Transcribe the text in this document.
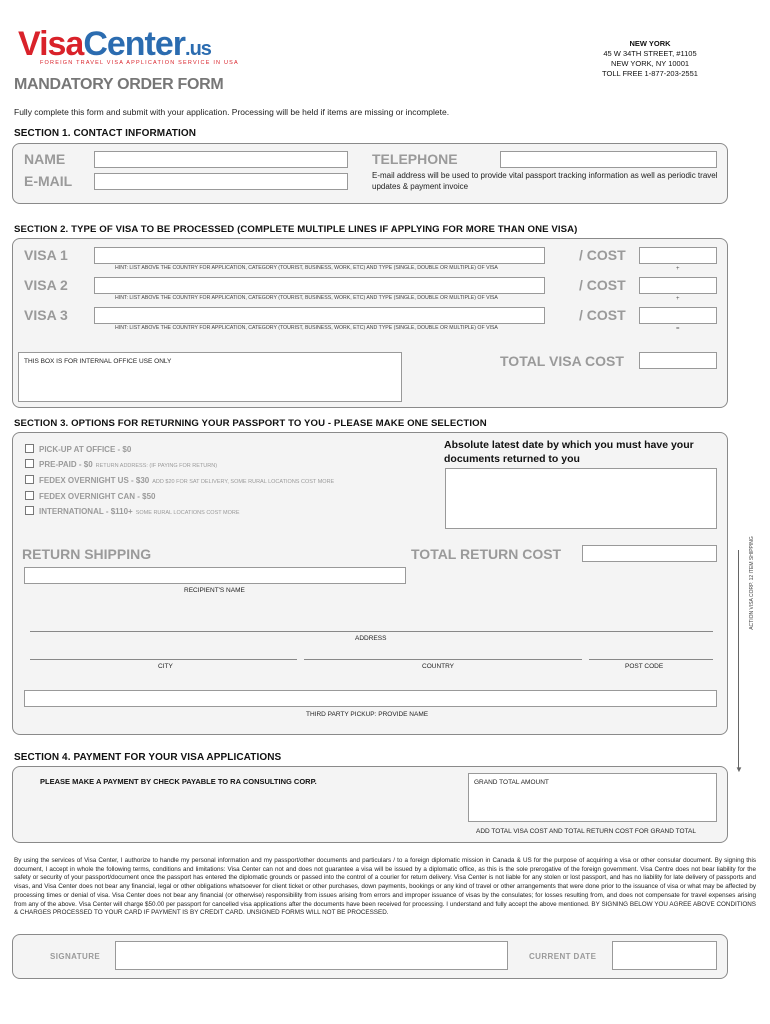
VisaCenter.us
FOREIGN TRAVEL VISA APPLICATION SERVICE IN USA
NEW YORK
45 W 34TH STREET, #1105
NEW YORK, NY 10001
TOLL FREE 1-877-203-2551
MANDATORY ORDER FORM
Fully complete this form and submit with your application. Processing will be held if items are missing or incomplete.
SECTION 1. CONTACT INFORMATION
NAME
E-MAIL
TELEPHONE
E-mail address will be used to provide vital passport tracking information as well as periodic travel updates & payment invoice
SECTION 2. TYPE OF VISA TO BE PROCESSED (COMPLETE MULTIPLE LINES IF APPLYING FOR MORE THAN ONE VISA)
VISA 1	/ COST
HINT: LIST ABOVE THE COUNTRY FOR APPLICATION, CATEGORY (TOURIST, BUSINESS, WORK, ETC) AND TYPE (SINGLE, DOUBLE OR MULTIPLE) OF VISA	+
VISA 2	/ COST
HINT: LIST ABOVE THE COUNTRY FOR APPLICATION, CATEGORY (TOURIST, BUSINESS, WORK, ETC) AND TYPE (SINGLE, DOUBLE OR MULTIPLE) OF VISA	+
VISA 3	/ COST
HINT: LIST ABOVE THE COUNTRY FOR APPLICATION, CATEGORY (TOURIST, BUSINESS, WORK, ETC) AND TYPE (SINGLE, DOUBLE OR MULTIPLE) OF VISA	=
THIS BOX IS FOR INTERNAL OFFICE USE ONLY	TOTAL VISA COST
SECTION 3. OPTIONS FOR RETURNING YOUR PASSPORT TO YOU - PLEASE MAKE ONE SELECTION
PICK-UP AT OFFICE - $0
PRE-PAID - $0 RETURN ADDRESS: (IF PAYING FOR RETURN)
FEDEX OVERNIGHT US - $30 ADD $20 FOR SAT DELIVERY, SOME RURAL LOCATIONS COST MORE
FEDEX OVERNIGHT CAN - $50
INTERNATIONAL - $110+ SOME RURAL LOCATIONS COST MORE
Absolute latest date by which you must have your documents returned to you
RETURN SHIPPING	TOTAL RETURN COST
RECIPIENT'S NAME
ADDRESS
CITY	COUNTRY	POST CODE
THIRD PARTY PICKUP: PROVIDE NAME
ACTION VISA CORP. 12 ITEM SHIPPING
▼
SECTION 4. PAYMENT FOR YOUR VISA APPLICATIONS
PLEASE MAKE A PAYMENT BY CHECK PAYABLE TO RA CONSULTING CORP.	GRAND TOTAL AMOUNT
ADD TOTAL VISA COST AND TOTAL RETURN COST FOR GRAND TOTAL
By using the services of Visa Center, I authorize to handle my personal information and my passport/other documents and particulars / to a foreign diplomatic mission in Canada & US for the purpose of acquiring a visa or other consular document. By signing this document, I accept in whole the following terms, conditions and limitations: Visa Center can not and does not guarantee a visa will be issued by a diplomatic office, as this is the sole prerogative of the foreign government. Visa Centre does not bear liability for the safety or security of your passport/document once the passport has entered the diplomatic grounds or passed into the control of a courier for return delivery. Visa Center is not liable for any stolen or lost passport, and has no liability for late delivery of passports and visas, and Visa Center does not bear any financial, legal or other obligations whatsoever for client ticket or other purchases, down payments, bookings or any kind of travel or other arrangements that were done prior to the issuance of visa or what may be affected by processing times or denial of visa. Visa Center does not bear any financial (or otherwise) responsibility from issues arising from errors and improper issuance of visas by the consulates; for losses resulting from, and does not compensate for travel expenses arising from any of the above. Visa Center will charge $50.00 per passport for cancelled visa applications after the documents have been received for processing. I understand and fully accept the above mentioned. BY SIGNING BELOW YOU AGREE ABOVE CONDITIONS & CHARGES PROCESSED TO YOUR CARD IF PAYMENT IS BY CREDIT CARD. UNSIGNED FORMS WILL NOT BE PROCESSED.
SIGNATURE	CURRENT DATE
